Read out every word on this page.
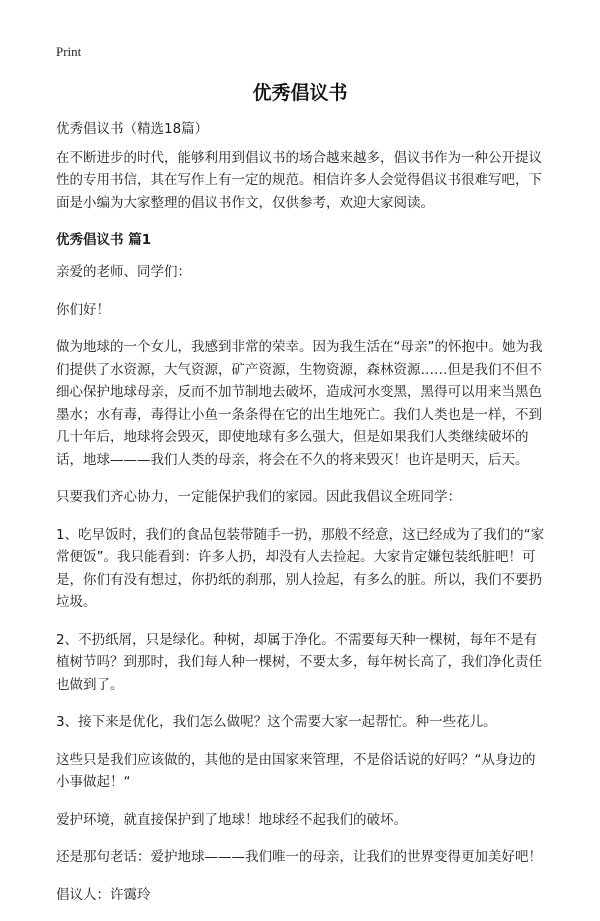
Print
优秀倡议书

优秀倡议书（精选18篇）

在不断进步的时代，能够利用到倡议书的场合越来越多，倡议书作为一种公开提议性的专用书信，其在写作上有一定的规范。相信许多人会觉得倡议书很难写吧，下面是小编为大家整理的倡议书作文，仅供参考，欢迎大家阅读。

优秀倡议书 篇1

亲爱的老师、同学们：

你们好！

做为地球的一个女儿，我感到非常的荣幸。因为我生活在“母亲”的怀抱中。她为我们提供了水资源，大气资源，矿产资源，生物资源，森林资源……但是我们不但不细心保护地球母亲，反而不加节制地去破坏，造成河水变黑，黑得可以用来当黑色墨水；水有毒，毒得让小鱼一条条得在它的出生地死亡。我们人类也是一样，不到几十年后，地球将会毁灭，即使地球有多么强大，但是如果我们人类继续破坏的话，地球———我们人类的母亲，将会在不久的将来毁灭！也许是明天，后天。

只要我们齐心协力，一定能保护我们的家园。因此我倡议全班同学：

1、吃早饭时，我们的食品包装带随手一扔，那般不经意，这已经成为了我们的“家常便饭”。我只能看到：许多人扔，却没有人去捡起。大家肯定嫌包装纸脏吧！可是，你们有没有想过，你扔纸的刹那，别人捡起，有多么的脏。所以，我们不要扔垃圾。

2、不扔纸屑，只是绿化。种树，却属于净化。不需要每天种一棵树，每年不是有植树节吗？到那时，我们每人种一棵树，不要太多，每年树长高了，我们净化责任也做到了。

3、接下来是优化，我们怎么做呢？这个需要大家一起帮忙。种一些花儿。

这些只是我们应该做的，其他的是由国家来管理，不是俗话说的好吗？“从身边的小事做起！“

爱护环境，就直接保护到了地球！地球经不起我们的破坏。

还是那句老话：爱护地球———我们唯一的母亲，让我们的世界变得更加美好吧！

倡议人：许霭玲
